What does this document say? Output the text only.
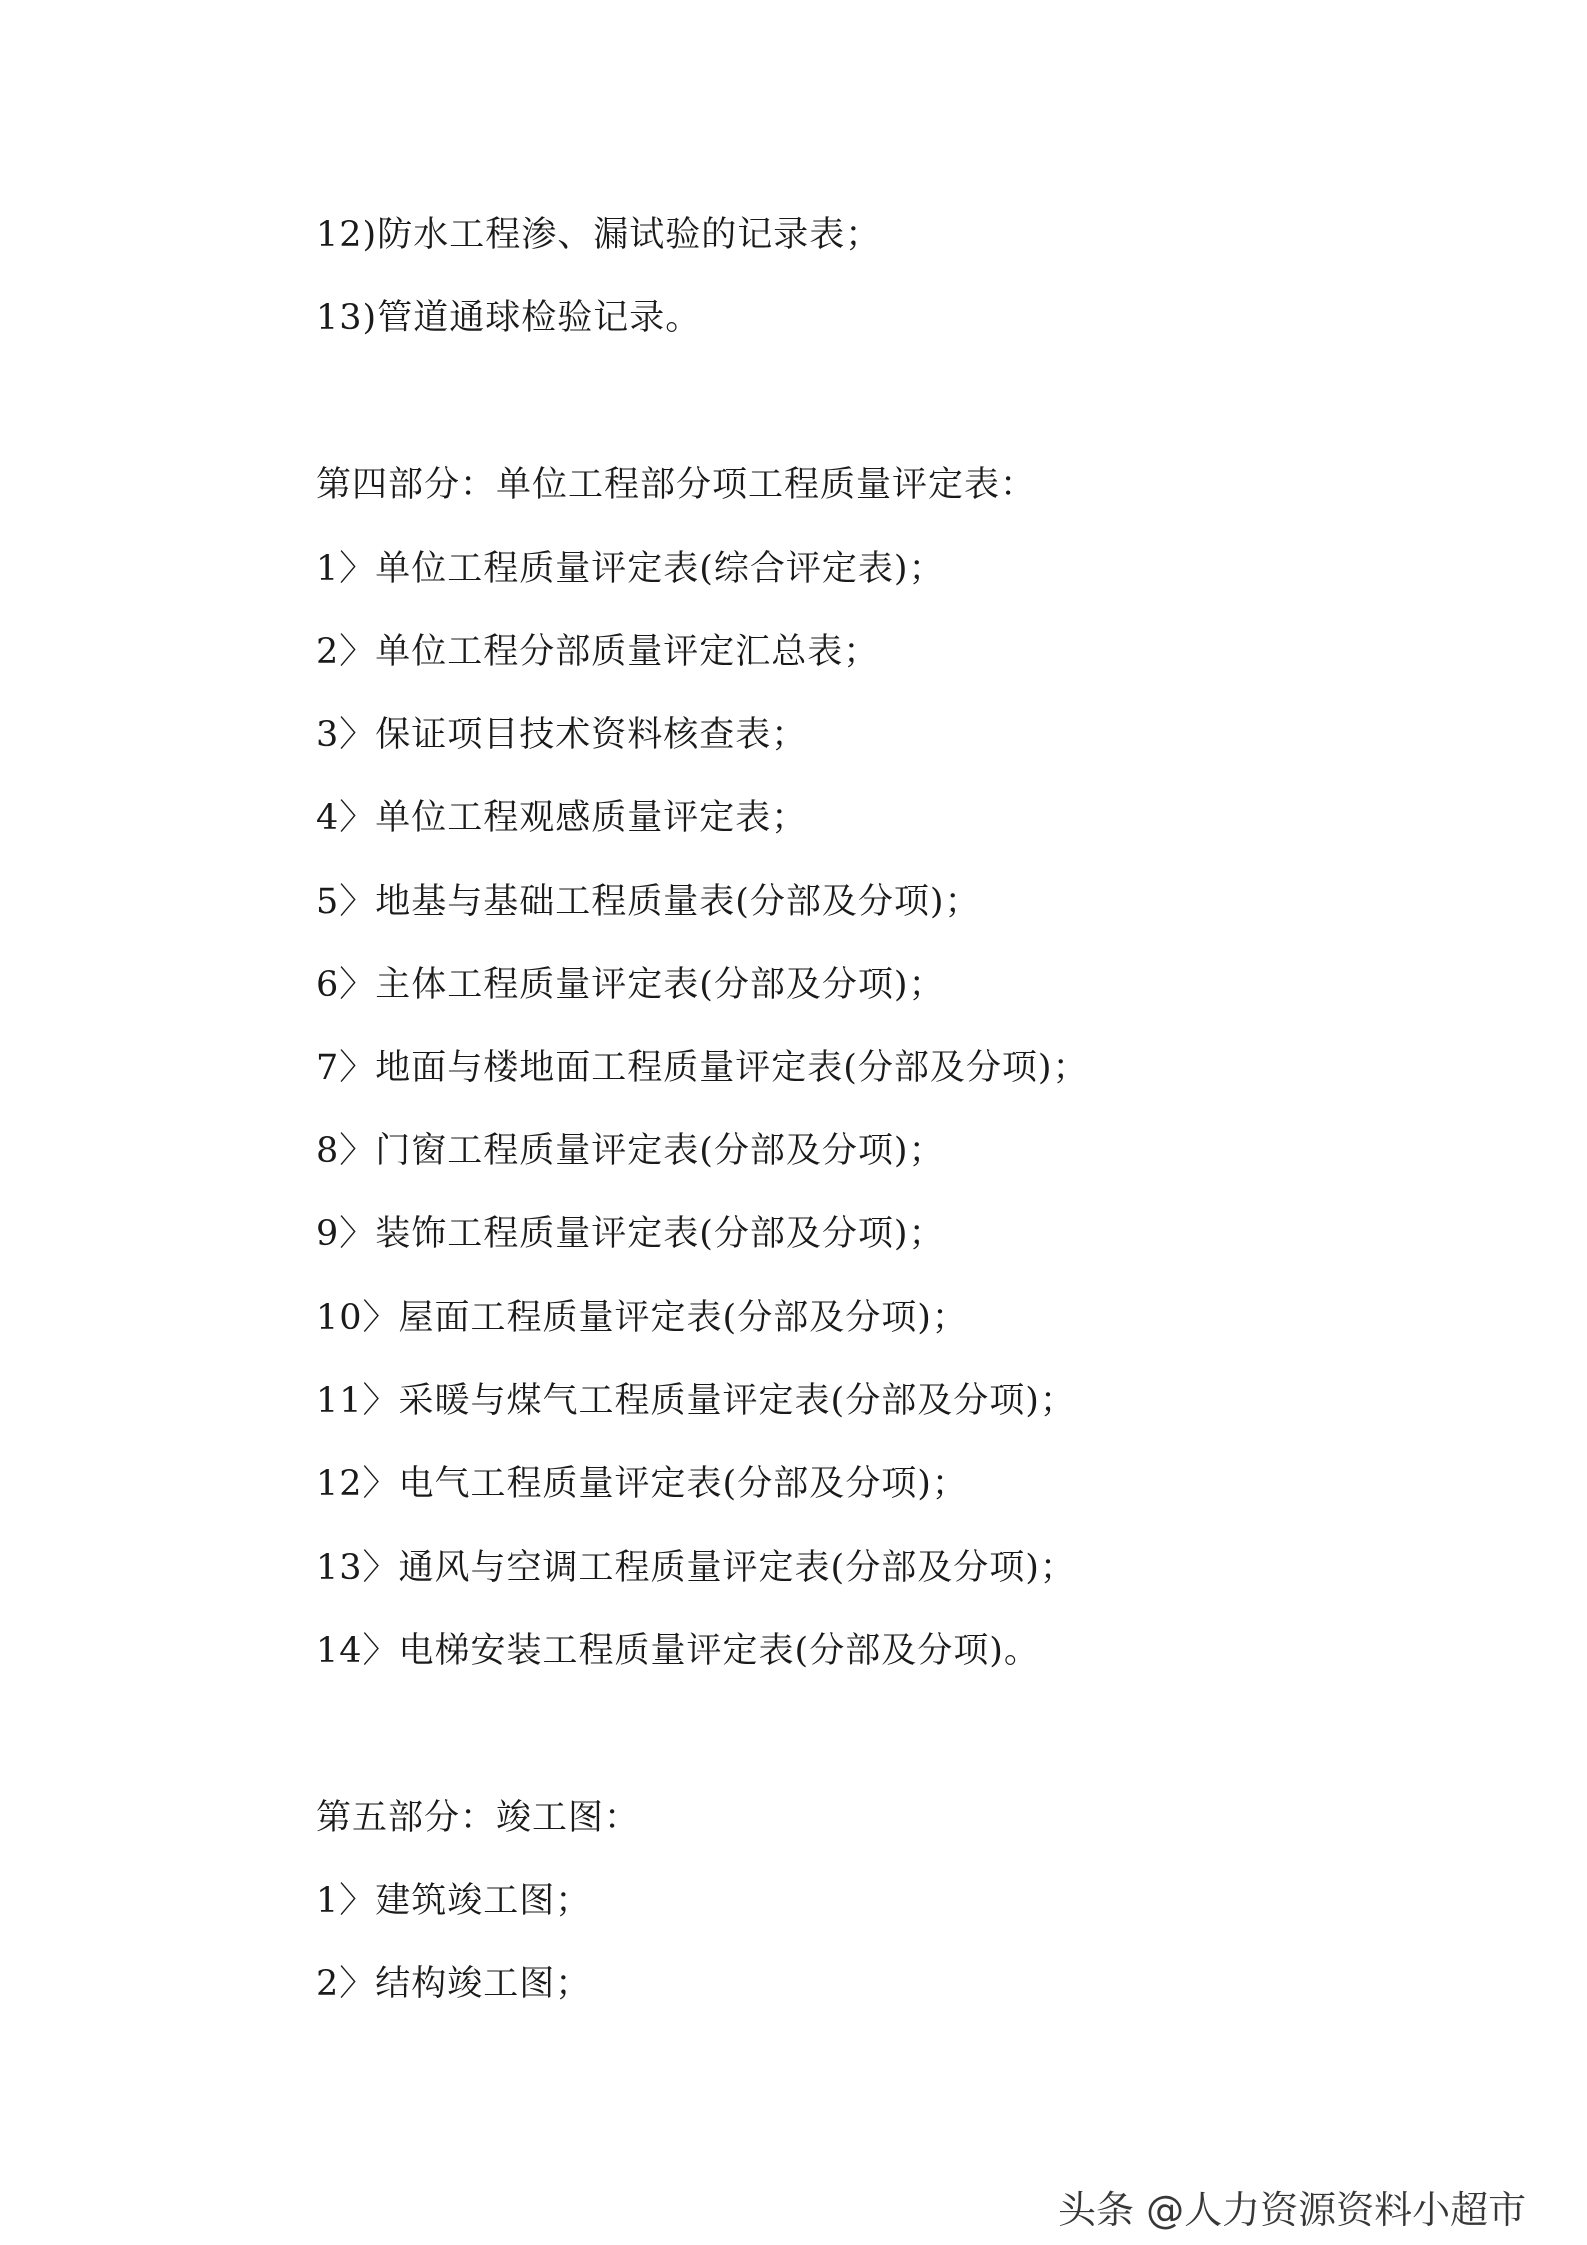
12)防水工程渗、漏试验的记录表；
13)管道通球检验记录。
第四部分：单位工程部分项工程质量评定表：
1〉单位工程质量评定表(综合评定表)；
2〉单位工程分部质量评定汇总表；
3〉保证项目技术资料核查表；
4〉单位工程观感质量评定表；
5〉地基与基础工程质量表(分部及分项)；
6〉主体工程质量评定表(分部及分项)；
7〉地面与楼地面工程质量评定表(分部及分项)；
8〉门窗工程质量评定表(分部及分项)；
9〉装饰工程质量评定表(分部及分项)；
10〉屋面工程质量评定表(分部及分项)；
11〉采暖与煤气工程质量评定表(分部及分项)；
12〉电气工程质量评定表(分部及分项)；
13〉通风与空调工程质量评定表(分部及分项)；
14〉电梯安装工程质量评定表(分部及分项)。
第五部分：竣工图：
1〉建筑竣工图；
2〉结构竣工图；
头条 @人力资源资料小超市
